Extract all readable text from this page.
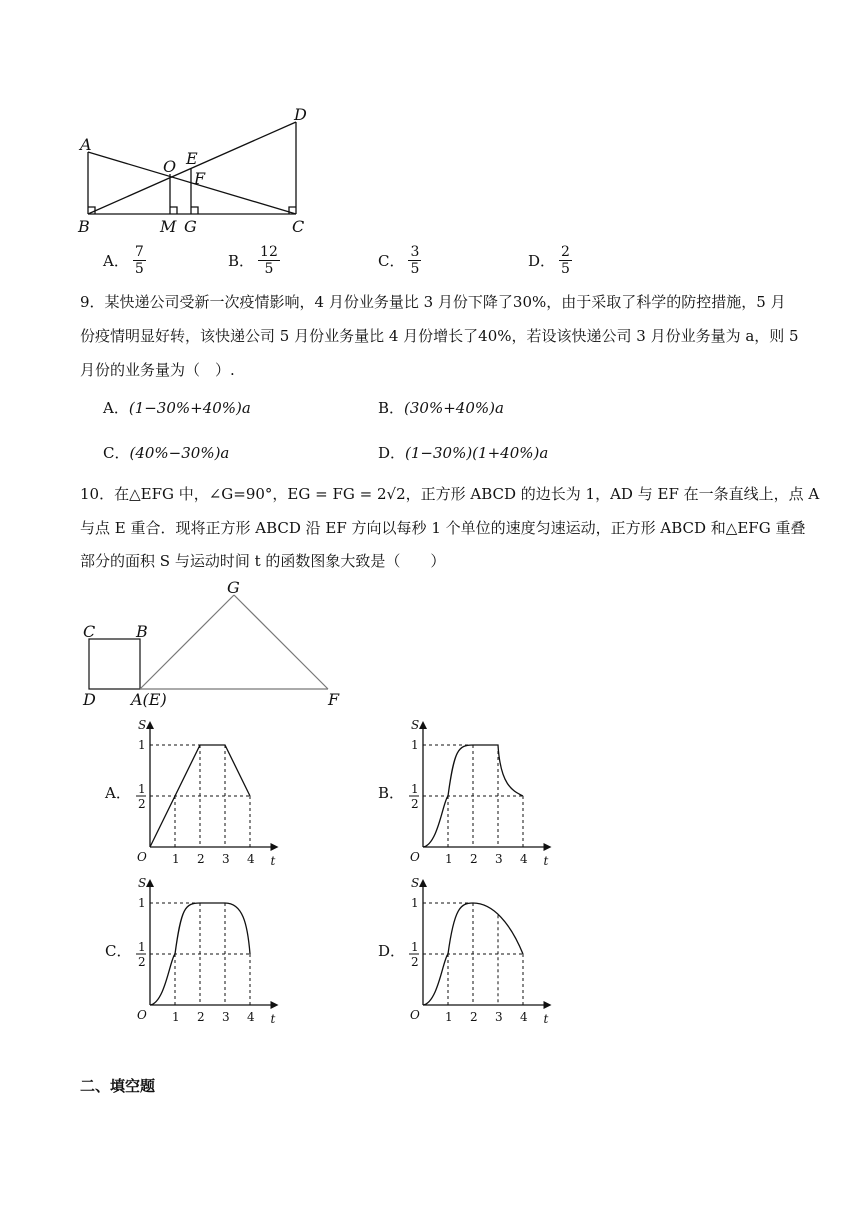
A
B	C
D
O E
F
M G
A． $\frac{7}{5}$	B． $\frac{12}{5}$	C． $\frac{3}{5}$	D． $\frac{2}{5}$
9．某快递公司受新一次疫情影响，4 月份业务量比 3 月份下降了30%，由于采取了科学的防控措施，5 月
份疫情明显好转，该快递公司 5 月份业务量比 4 月份增长了40%，若设该快递公司 3 月份业务量为 a，则 5
月份的业务量为（　）.
A．(1−30%+40%)a	B．(30%+40%)a
C．(40%−30%)a	D．(1−30%)(1+40%)a
10．在△EFG 中，∠G=90°，EG = FG = 2√2，正方形 ABCD 的边长为 1，AD 与 EF 在一条直线上，点 A
与点 E 重合．现将正方形 ABCD 沿 EF 方向以每秒 1 个单位的速度匀速运动，正方形 ABCD 和△EFG 重叠
部分的面积 S 与运动时间 t 的函数图象大致是（　　）
C	B
D A(E)	F
G
A．	B．
C．	D．
S
t
O
1
1
2
1 2 3 4
S
t
O
1
1
2
1 2 3 4
S
t
O
1
1
2
1 2 3 4
S
t
O
1
1
2
1 2 3 4
二、填空题
